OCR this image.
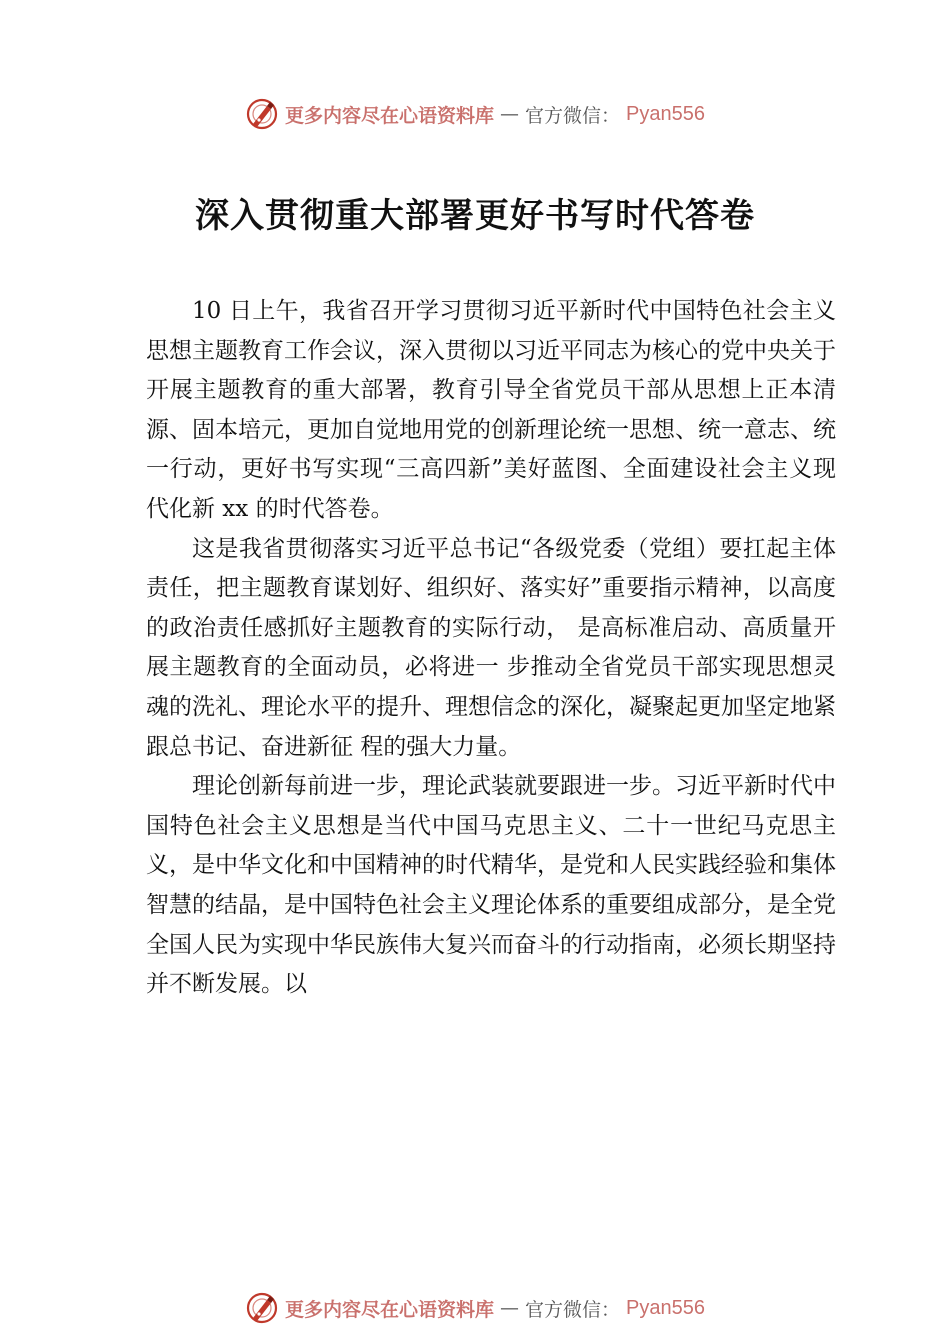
更多内容尽在心语资料库 — 官方微信： Pyan556
深入贯彻重大部署更好书写时代答卷

10 日上午，我省召开学习贯彻习近平新时代中国特色社会主义思想主题教育工作会议，深入贯彻以习近平同志为核心的党中央关于开展主题教育的重大部署，教育引导全省党员干部从思想上正本清源、固本培元，更加自觉地用党的创新理论统一思想、统一意志、统一行动，更好书写实现“三高四新”美好蓝图、全面建设社会主义现代化新 xx 的时代答卷。

这是我省贯彻落实习近平总书记“各级党委（党组）要扛起主体责任，把主题教育谋划好、组织好、落实好”重要指示精神，以高度的政治责任感抓好主题教育的实际行动， 是高标准启动、高质量开展主题教育的全面动员，必将进一 步推动全省党员干部实现思想灵魂的洗礼、理论水平的提升、理想信念的深化，凝聚起更加坚定地紧跟总书记、奋进新征 程的强大力量。

理论创新每前进一步，理论武装就要跟进一步。习近平新时代中国特色社会主义思想是当代中国马克思主义、二十一世纪马克思主义，是中华文化和中国精神的时代精华，是党和人民实践经验和集体智慧的结晶，是中国特色社会主义理论体系的重要组成部分，是全党全国人民为实现中华民族伟大复兴而奋斗的行动指南，必须长期坚持并不断发展。以

更多内容尽在心语资料库 — 官方微信： Pyan556
